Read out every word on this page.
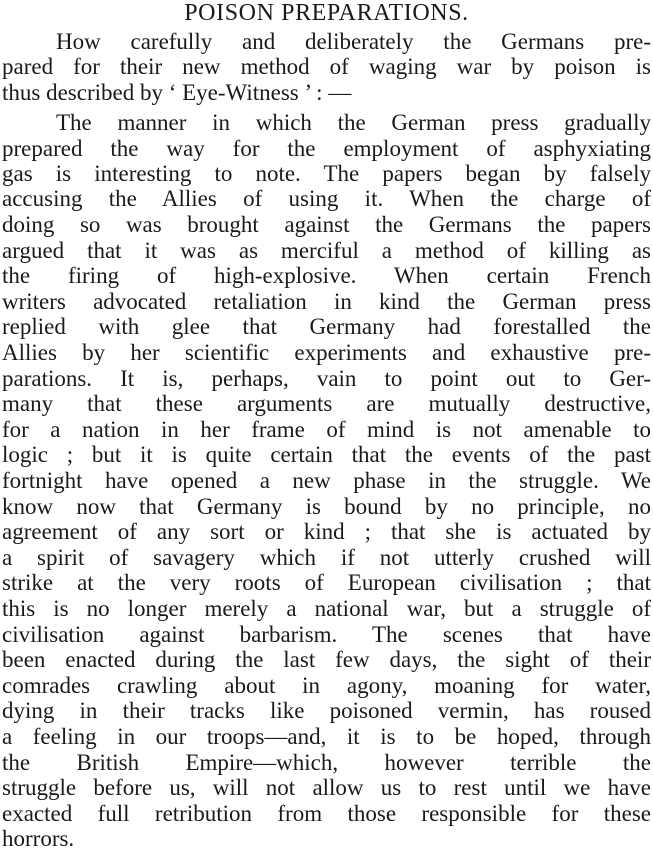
POISON PREPARATIONS.
How carefully and deliberately the Germans pre-
pared for their new method of waging war by poison is
thus described by ‘ Eye-Witness ’ : —
The manner in which the German press gradually
prepared the way for the employment of asphyxiating
gas is interesting to note. The papers began by falsely
accusing the Allies of using it. When the charge of
doing so was brought against the Germans the papers
argued that it was as merciful a method of killing as
the firing of high-explosive. When certain French
writers advocated retaliation in kind the German press
replied with glee that Germany had forestalled the
Allies by her scientific experiments and exhaustive pre-
parations. It is, perhaps, vain to point out to Ger-
many that these arguments are mutually destructive,
for a nation in her frame of mind is not amenable to
logic ; but it is quite certain that the events of the past
fortnight have opened a new phase in the struggle. We
know now that Germany is bound by no principle, no
agreement of any sort or kind ; that she is actuated by
a spirit of savagery which if not utterly crushed will
strike at the very roots of European civilisation ; that
this is no longer merely a national war, but a struggle of
civilisation against barbarism. The scenes that have
been enacted during the last few days, the sight of their
comrades crawling about in agony, moaning for water,
dying in their tracks like poisoned vermin, has roused
a feeling in our troops—and, it is to be hoped, through
the British Empire—which, however terrible the
struggle before us, will not allow us to rest until we have
exacted full retribution from those responsible for these
horrors.
